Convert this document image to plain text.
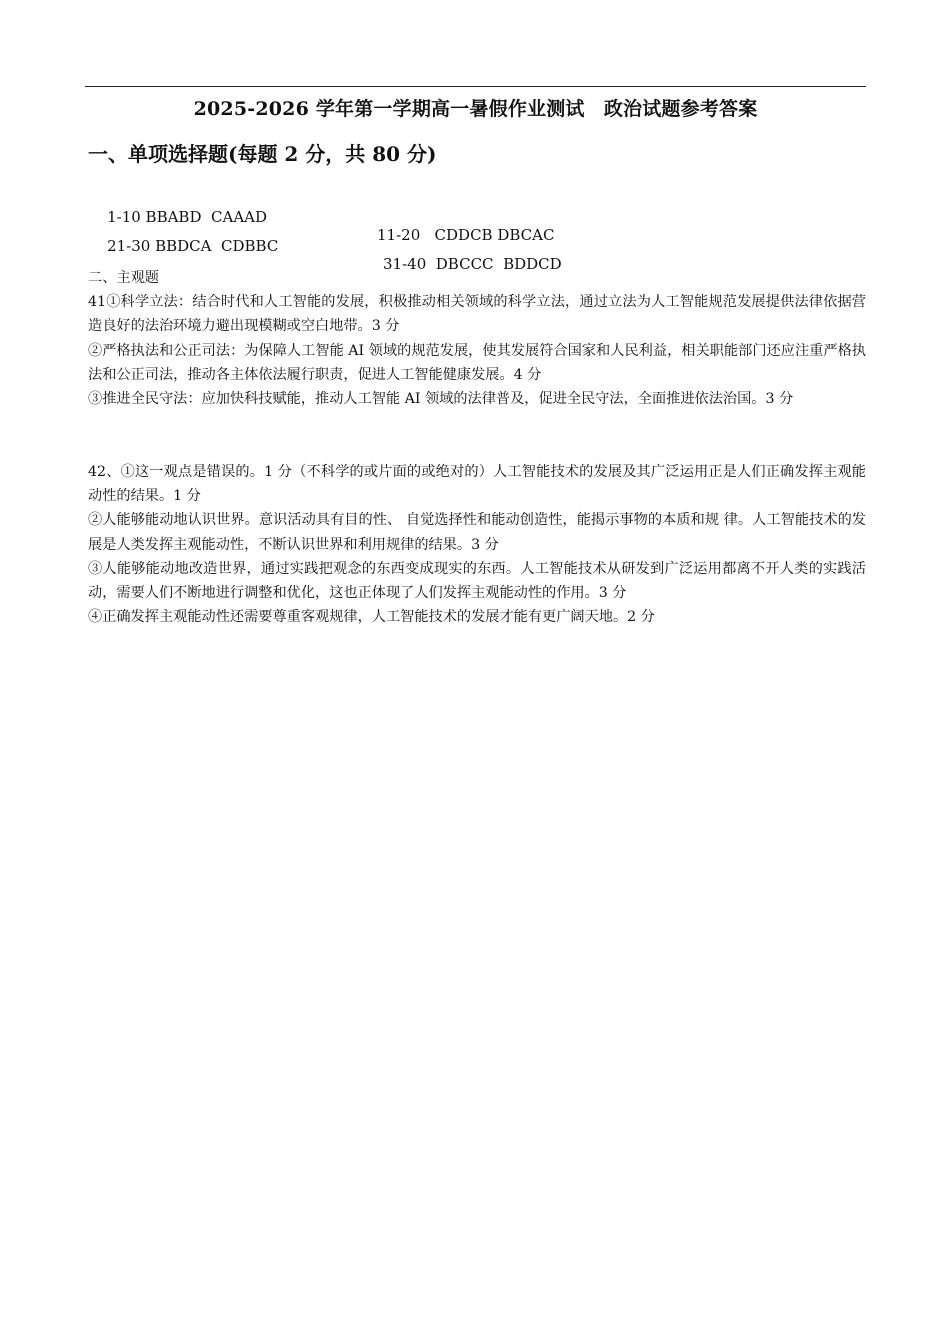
2025-2026 学年第一学期高一暑假作业测试　政治试题参考答案
一、单项选择题(每题 2 分，共 80 分)

1-10 BBABD  CAAAD

11-20   CDDCB DBCAC

21-30 BBDCA  CDBBC

31-40  DBCCC  BDDCD

二、主观题

41①科学立法：结合时代和人工智能的发展，积极推动相关领域的科学立法，通过立法为人工智能规范发展提供法律依据营造良好的法治环境力避出现模糊或空白地带。3 分

②严格执法和公正司法：为保障人工智能 AI 领域的规范发展，使其发展符合国家和人民利益，相关职能部门还应注重严格执法和公正司法，推动各主体依法履行职责，促进人工智能健康发展。4 分

③推进全民守法：应加快科技赋能，推动人工智能 AI 领域的法律普及，促进全民守法，全面推进依法治国。3 分

42、①这一观点是错误的。1 分（不科学的或片面的或绝对的）人工智能技术的发展及其广泛运用正是人们正确发挥主观能动性的结果。1 分

②人能够能动地认识世界。意识活动具有目的性、 自觉选择性和能动创造性，能揭示事物的本质和规 律。人工智能技术的发展是人类发挥主观能动性，不断认识世界和利用规律的结果。3 分

③人能够能动地改造世界，通过实践把观念的东西变成现实的东西。人工智能技术从研发到广泛运用都离不开人类的实践活动，需要人们不断地进行调整和优化，这也正体现了人们发挥主观能动性的作用。3 分

④正确发挥主观能动性还需要尊重客观规律，人工智能技术的发展才能有更广阔天地。2 分
